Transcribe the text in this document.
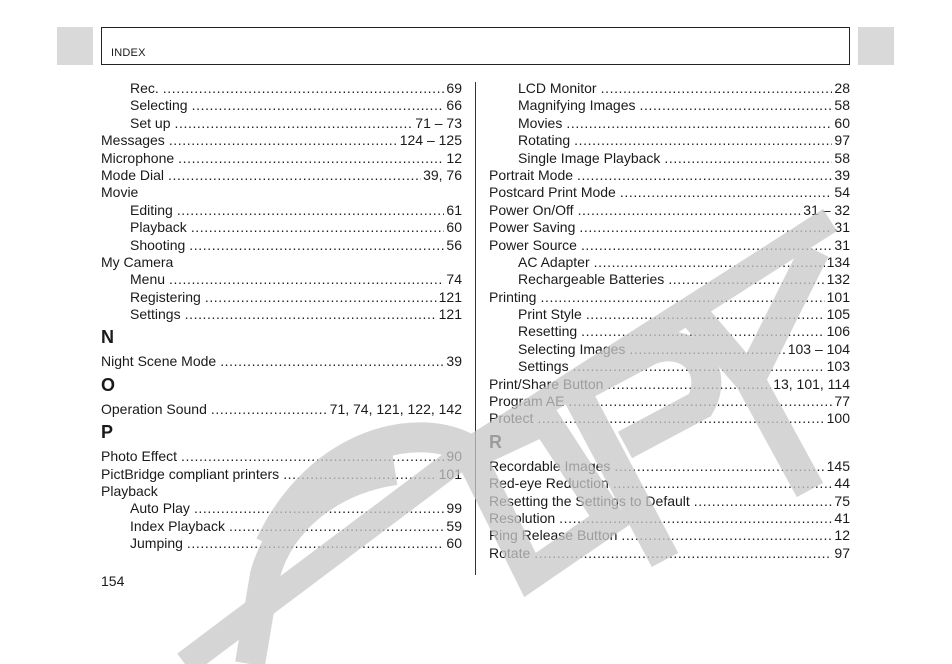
INDEX
Rec. .....	69
Selecting .....	66
Set up .....	71 – 73
Messages .....	124 – 125
Microphone .....	12
Mode Dial .....	39, 76
Movie
Editing .....	61
Playback .....	60
Shooting .....	56
My Camera
Menu .....	74
Registering .....	121
Settings .....	121
N
Night Scene Mode .....	39
O
Operation Sound .....	71, 74, 121, 122, 142
P
Photo Effect .....	90
PictBridge compliant printers .....	101
Playback
Auto Play .....	99
Index Playback .....	59
Jumping .....	60
LCD Monitor .....	28
Magnifying Images .....	58
Movies .....	60
Rotating .....	97
Single Image Playback .....	58
Portrait Mode .....	39
Postcard Print Mode .....	54
Power On/Off .....	31 – 32
Power Saving .....	31
Power Source .....	31
AC Adapter .....	134
Rechargeable Batteries .....	132
Printing .....	101
Print Style .....	105
Resetting .....	106
Selecting Images .....	103 – 104
Settings .....	103
Print/Share Button .....	13, 101, 114
Program AE .....	77
Protect .....	100
R
Recordable Images .....	145
Red-eye Reduction .....	44
Resetting the Settings to Default .....	75
Resolution .....	41
Ring Release Button .....	12
Rotate .....	97
154
